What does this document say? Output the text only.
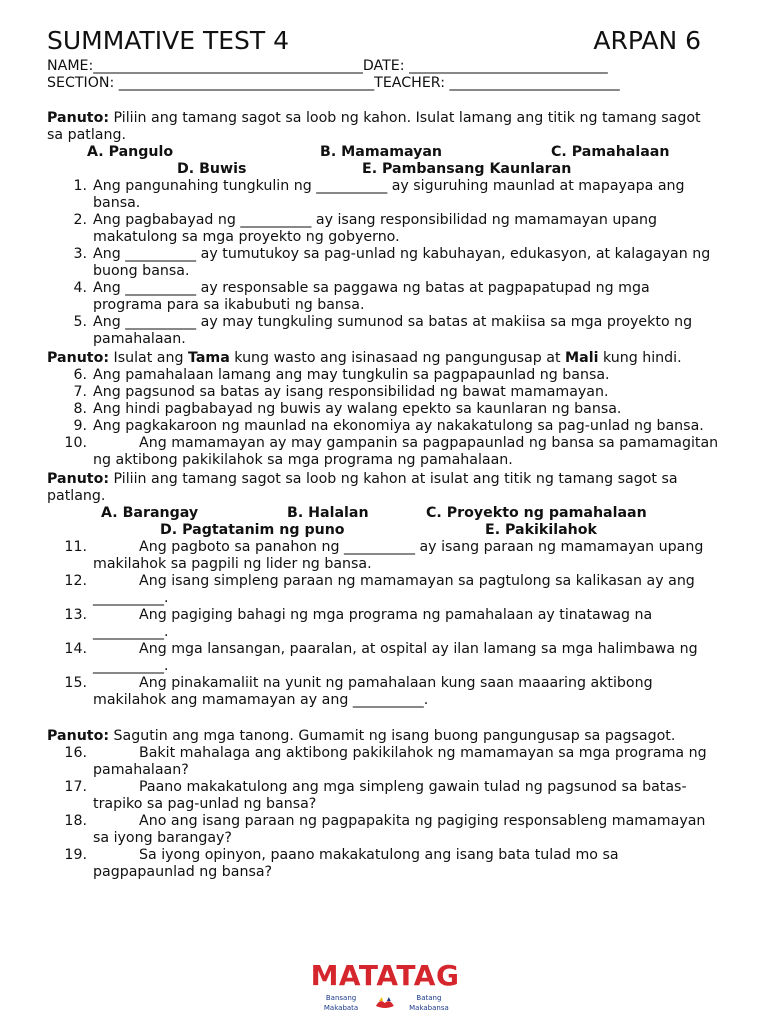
SUMMATIVE TEST 4	ARPAN 6
NAME:______________________________________DATE: ____________________________
SECTION: ____________________________________TEACHER: ________________________
Panuto: Piliin ang tamang sagot sa loob ng kahon. Isulat lamang ang titik ng tamang sagot sa patlang.
A. Pangulo	B. Mamamayan	C. Pamahalaan
D. Buwis	E. Pambansang Kaunlaran
1. Ang pangunahing tungkulin ng __________ ay siguruhing maunlad at mapayapa ang bansa.
2. Ang pagbabayad ng __________ ay isang responsibilidad ng mamamayan upang makatulong sa mga proyekto ng gobyerno.
3. Ang __________ ay tumutukoy sa pag-unlad ng kabuhayan, edukasyon, at kalagayan ng buong bansa.
4. Ang __________ ay responsable sa paggawa ng batas at pagpapatupad ng mga programa para sa ikabubuti ng bansa.
5. Ang __________ ay may tungkuling sumunod sa batas at makiisa sa mga proyekto ng pamahalaan.
Panuto: Isulat ang Tama kung wasto ang isinasaad ng pangungusap at Mali kung hindi.
6. Ang pamahalaan lamang ang may tungkulin sa pagpapaunlad ng bansa.
7. Ang pagsunod sa batas ay isang responsibilidad ng bawat mamamayan.
8. Ang hindi pagbabayad ng buwis ay walang epekto sa kaunlaran ng bansa.
9. Ang pagkakaroon ng maunlad na ekonomiya ay nakakatulong sa pag-unlad ng bansa.
10.	Ang mamamayan ay may gampanin sa pagpapaunlad ng bansa sa pamamagitan ng aktibong pakikilahok sa mga programa ng pamahalaan.
Panuto: Piliin ang tamang sagot sa loob ng kahon at isulat ang titik ng tamang sagot sa patlang.
A. Barangay	B. Halalan	C. Proyekto ng pamahalaan
D. Pagtatanim ng puno	E. Pakikilahok
11.	Ang pagboto sa panahon ng __________ ay isang paraan ng mamamayan upang makilahok sa pagpili ng lider ng bansa.
12.	Ang isang simpleng paraan ng mamamayan sa pagtulong sa kalikasan ay ang __________.
13.	Ang pagiging bahagi ng mga programa ng pamahalaan ay tinatawag na __________.
14.	Ang mga lansangan, paaralan, at ospital ay ilan lamang sa mga halimbawa ng __________.
15.	Ang pinakamaliit na yunit ng pamahalaan kung saan maaaring aktibong makilahok ang mamamayan ay ang __________.
Panuto: Sagutin ang mga tanong. Gumamit ng isang buong pangungusap sa pagsagot.
16.	Bakit mahalaga ang aktibong pakikilahok ng mamamayan sa mga programa ng pamahalaan?
17.	Paano makakatulong ang mga simpleng gawain tulad ng pagsunod sa batas-trapiko sa pag-unlad ng bansa?
18.	Ano ang isang paraan ng pagpapakita ng pagiging responsableng mamamayan sa iyong barangay?
19.	Sa iyong opinyon, paano makakatulong ang isang bata tulad mo sa pagpapaunlad ng bansa?
MATATAG
Bansang Makabata
Batang Makabansa
